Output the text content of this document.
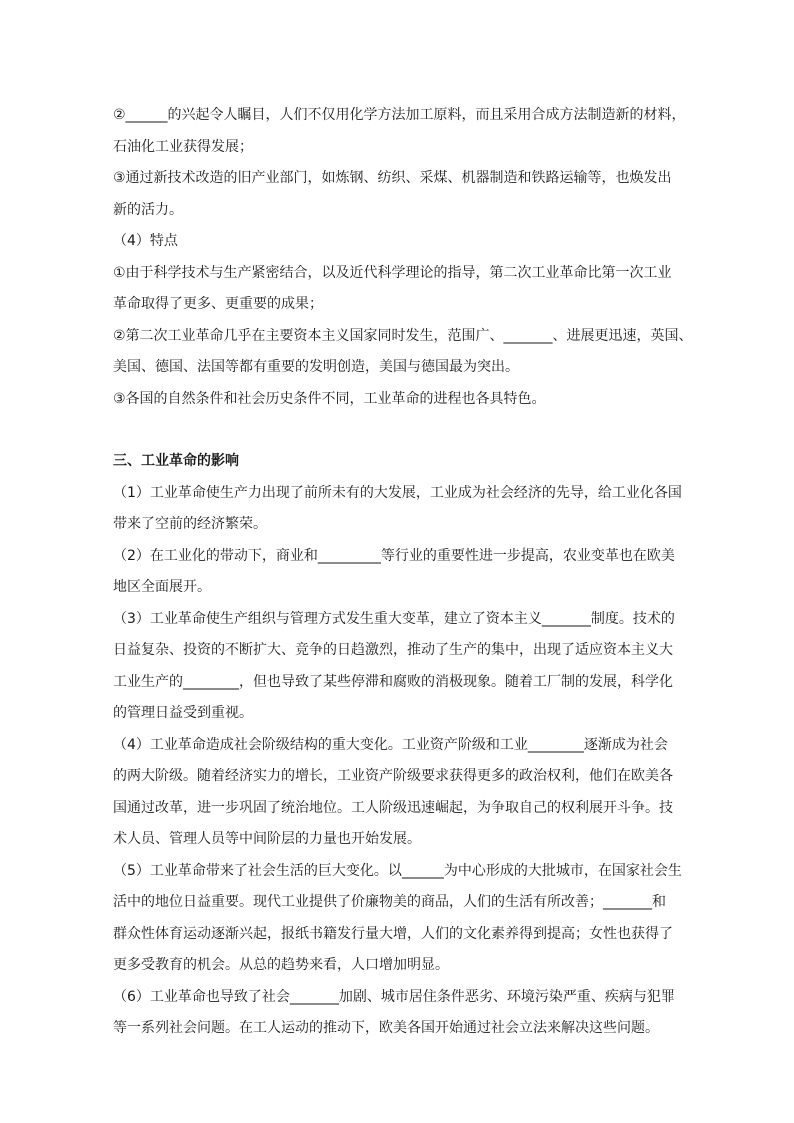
②______的兴起令人瞩目，人们不仅用化学方法加工原料，而且采用合成方法制造新的材料，
石油化工业获得发展；
③通过新技术改造的旧产业部门，如炼钢、纺织、采煤、机器制造和铁路运输等，也焕发出
新的活力。
（4）特点
①由于科学技术与生产紧密结合，以及近代科学理论的指导，第二次工业革命比第一次工业
革命取得了更多、更重要的成果；
②第二次工业革命几乎在主要资本主义国家同时发生，范围广、_______、进展更迅速，英国、
美国、德国、法国等都有重要的发明创造，美国与德国最为突出。
③各国的自然条件和社会历史条件不同，工业革命的进程也各具特色。
三、工业革命的影响
（1）工业革命使生产力出现了前所未有的大发展，工业成为社会经济的先导，给工业化各国
带来了空前的经济繁荣。
（2）在工业化的带动下，商业和_________等行业的重要性进一步提高，农业变革也在欧美
地区全面展开。
（3）工业革命使生产组织与管理方式发生重大变革，建立了资本主义_______制度。技术的
日益复杂、投资的不断扩大、竞争的日趋激烈，推动了生产的集中，出现了适应资本主义大
工业生产的________，但也导致了某些停滞和腐败的消极现象。随着工厂制的发展，科学化
的管理日益受到重视。
（4）工业革命造成社会阶级结构的重大变化。工业资产阶级和工业________逐渐成为社会
的两大阶级。随着经济实力的增长，工业资产阶级要求获得更多的政治权利，他们在欧美各
国通过改革，进一步巩固了统治地位。工人阶级迅速崛起，为争取自己的权利展开斗争。技
术人员、管理人员等中间阶层的力量也开始发展。
（5）工业革命带来了社会生活的巨大变化。以______为中心形成的大批城市，在国家社会生
活中的地位日益重要。现代工业提供了价廉物美的商品，人们的生活有所改善；_______和
群众性体育运动逐渐兴起，报纸书籍发行量大增，人们的文化素养得到提高；女性也获得了
更多受教育的机会。从总的趋势来看，人口增加明显。
（6）工业革命也导致了社会_______加剧、城市居住条件恶劣、环境污染严重、疾病与犯罪
等一系列社会问题。在工人运动的推动下，欧美各国开始通过社会立法来解决这些问题。
